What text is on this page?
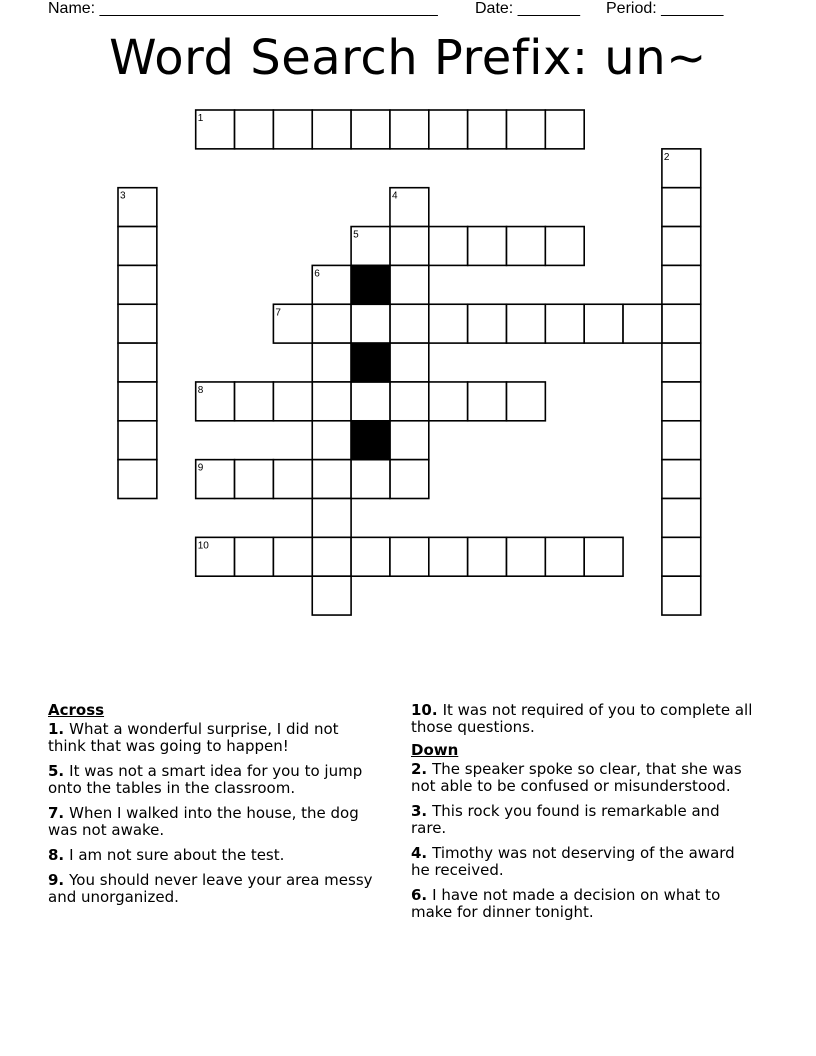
Name: ______________________________________ Date: _______ Period: _______
Word Search Prefix: un~
1
2
3	4
5
6
7
8
9
10
Across
1. What a wonderful surprise, I did not think that was going to happen!
5. It was not a smart idea for you to jump onto the tables in the classroom.
7. When I walked into the house, the dog was not awake.
8. I am not sure about the test.
9. You should never leave your area messy and unorganized.
10. It was not required of you to complete all those questions.
Down
2. The speaker spoke so clear, that she was not able to be confused or misunderstood.
3. This rock you found is remarkable and rare.
4. Timothy was not deserving of the award he received.
6. I have not made a decision on what to make for dinner tonight.
